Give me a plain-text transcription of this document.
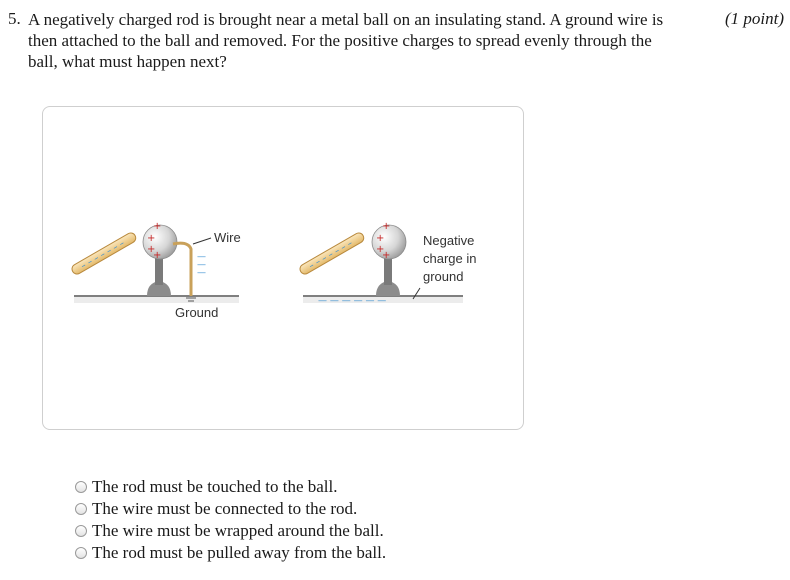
5. A negatively charged rod is brought near a metal ball on an insulating stand. A ground wire is
then attached to the ball and removed. For the positive charges to spread evenly through the
ball, what must happen next?
(1 point)
– – – – – – –
+
+
+
+	—
—
—
Wire
Ground
– – – – – – –
+
+
+
+
— — — — — —
Negative
charge in
ground
The rod must be touched to the ball.
The wire must be connected to the rod.
The wire must be wrapped around the ball.
The rod must be pulled away from the ball.
